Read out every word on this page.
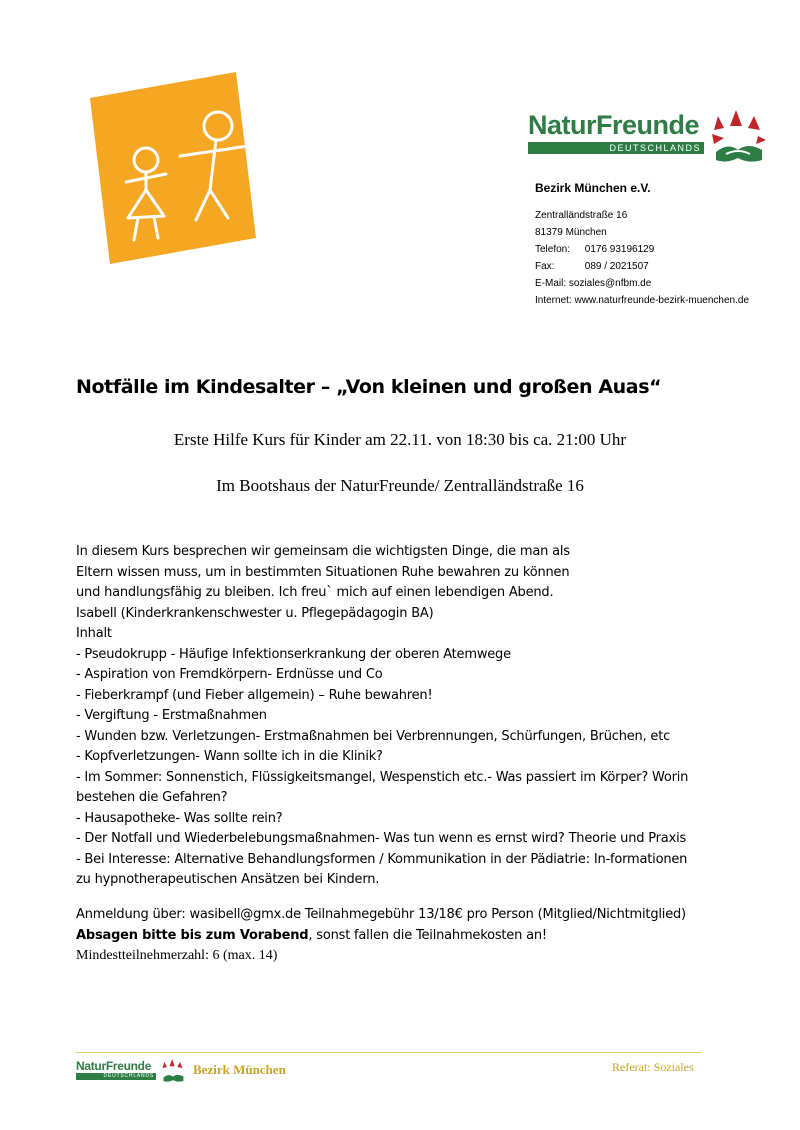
NaturFreunde
DEUTSCHLANDS
Bezirk München e.V.
Zentralländstraße 16
81379 München
Telefon: 0176 93196129
Fax:	089 / 2021507
E-Mail: soziales@nfbm.de
Internet: www.naturfreunde-bezirk-muenchen.de
Notfälle im Kindesalter – „Von kleinen und großen Auas“
Erste Hilfe Kurs für Kinder am 22.11. von 18:30 bis ca. 21:00 Uhr
Im Bootshaus der NaturFreunde/ Zentralländstraße 16
In diesem Kurs besprechen wir gemeinsam die wichtigsten Dinge, die man als
Eltern wissen muss, um in bestimmten Situationen Ruhe bewahren zu können
und handlungsfähig zu bleiben. Ich freu` mich auf einen lebendigen Abend.
Isabell (Kinderkrankenschwester u. Pflegepädagogin BA)
Inhalt
- Pseudokrupp - Häufige Infektionserkrankung der oberen Atemwege
- Aspiration von Fremdkörpern- Erdnüsse und Co
- Fieberkrampf (und Fieber allgemein) – Ruhe bewahren!
- Vergiftung - Erstmaßnahmen
- Wunden bzw. Verletzungen- Erstmaßnahmen bei Verbrennungen, Schürfungen, Brüchen, etc
- Kopfverletzungen- Wann sollte ich in die Klinik?
- Im Sommer: Sonnenstich, Flüssigkeitsmangel, Wespenstich etc.- Was passiert im Körper? Worin bestehen die Gefahren?
- Hausapotheke- Was sollte rein?
- Der Notfall und Wiederbelebungsmaßnahmen- Was tun wenn es ernst wird? Theorie und Praxis
- Bei Interesse: Alternative Behandlungsformen / Kommunikation in der Pädiatrie: In-formationen zu hypnotherapeutischen Ansätzen bei Kindern.
Anmeldung über: wasibell@gmx.de Teilnahmegebühr 13/18€ pro Person (Mitglied/Nichtmitglied)
Absagen bitte bis zum Vorabend, sonst fallen die Teilnahmekosten an!
Mindestteilnehmerzahl: 6 (max. 14)
NaturFreunde
DEUTSCHLANDS	Bezirk München	Referat: Soziales
